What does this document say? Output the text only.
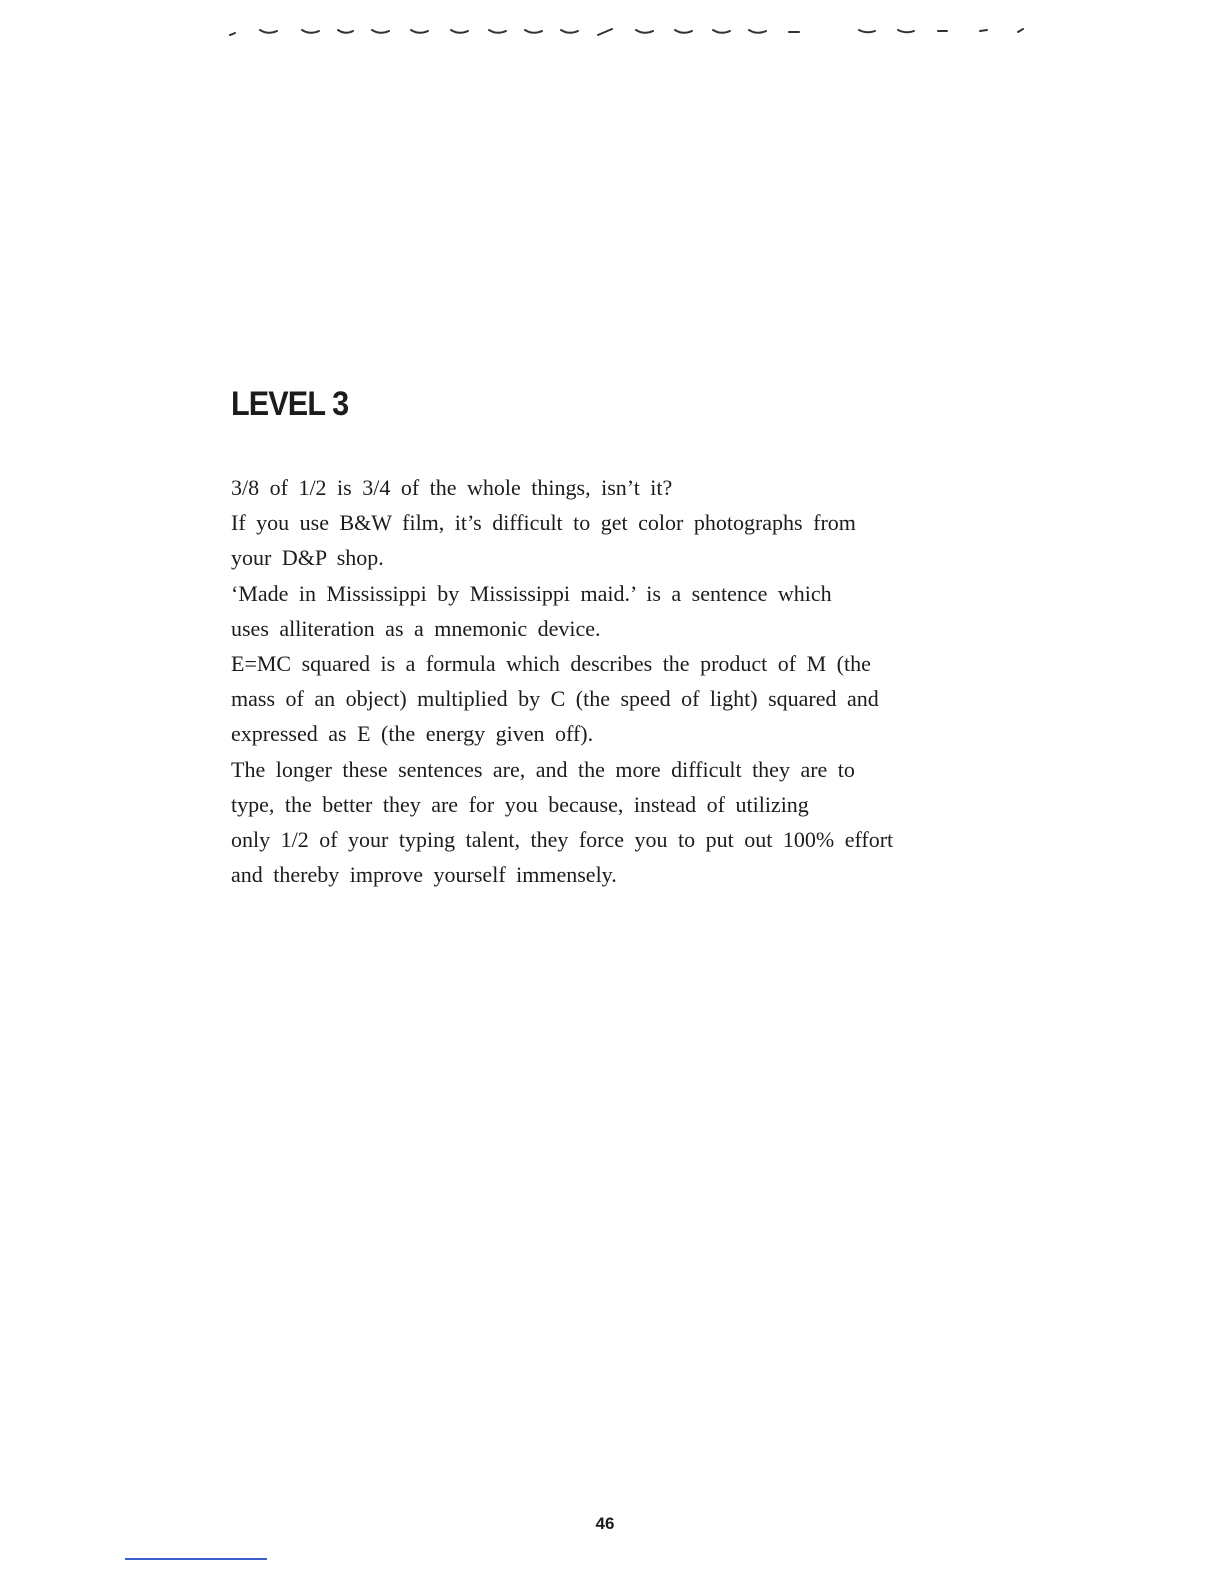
LEVEL 3
3/8 of 1/2 is 3/4 of the whole things, isn’t it?
If you use B&W film, it’s difficult to get color photographs from
your D&P shop.
‘Made in Mississippi by Mississippi maid.’ is a sentence which
uses alliteration as a mnemonic device.
E=MC squared is a formula which describes the product of M (the
mass of an object) multiplied by C (the speed of light) squared and
expressed as E (the energy given off).
The longer these sentences are, and the more difficult they are to
type, the better they are for you because, instead of utilizing
only 1/2 of your typing talent, they force you to put out 100% effort
and thereby improve yourself immensely.
46
